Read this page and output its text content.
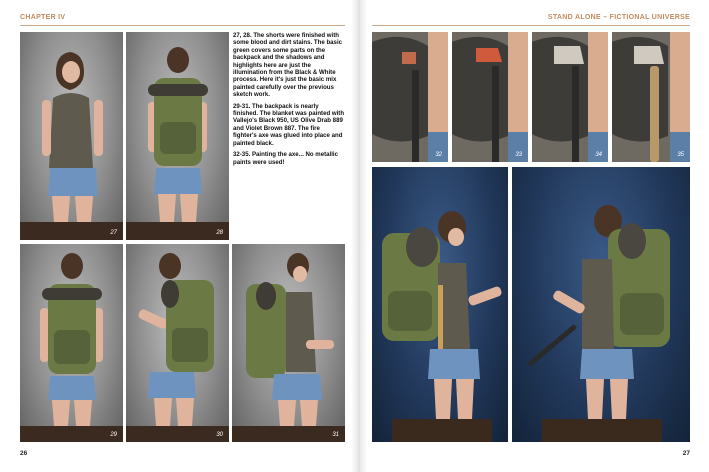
CHAPTER IV	STAND ALONE – FICTIONAL UNIVERSE
27	28

27, 28. The shorts were finished with some blood and dirt stains. The basic green covers some parts on the backpack and the shadows and highlights here are just the illumination from the Black & White process. Here it's just the basic mix painted carefully over the previous sketch work.

29-31. The backpack is nearly finished. The blanket was painted with Vallejo's Black 950, US Olive Drab 889 and Violet Brown 887. The fire fighter's axe was glued into place and painted black.

32-35. Painting the axe... No metallic paints were used!

29	30	31
26
32	33	34	35
27
